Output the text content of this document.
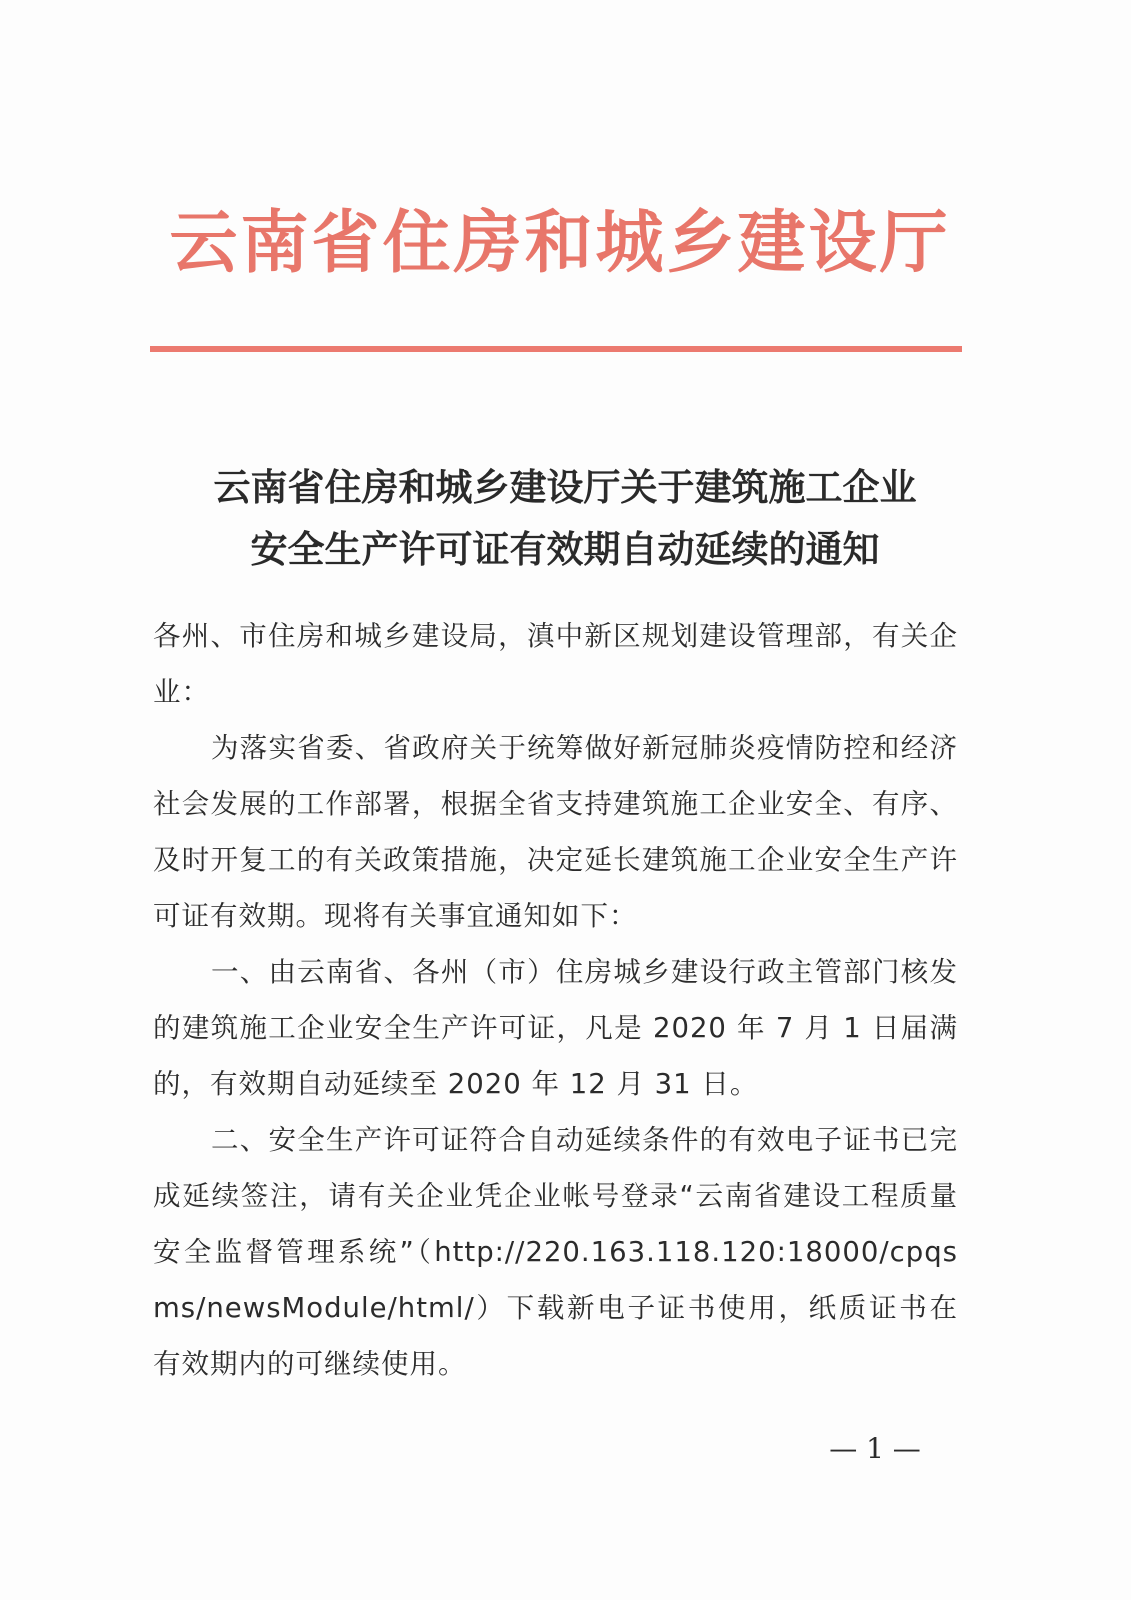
云南省住房和城乡建设厅
云南省住房和城乡建设厅关于建筑施工企业
安全生产许可证有效期自动延续的通知

各州、市住房和城乡建设局，滇中新区规划建设管理部，有关企业：

为落实省委、省政府关于统筹做好新冠肺炎疫情防控和经济社会发展的工作部署，根据全省支持建筑施工企业安全、有序、及时开复工的有关政策措施，决定延长建筑施工企业安全生产许可证有效期。现将有关事宜通知如下：

一、由云南省、各州（市）住房城乡建设行政主管部门核发的建筑施工企业安全生产许可证，凡是 2020 年 7 月 1 日届满的，有效期自动延续至 2020 年 12 月 31 日。

二、安全生产许可证符合自动延续条件的有效电子证书已完成延续签注，请有关企业凭企业帐号登录“云南省建设工程质量安全监督管理系统”（http://220.163.118.120:18000/cpqsms/newsModule/html/）下载新电子证书使用，纸质证书在有效期内的可继续使用。

— 1 —
